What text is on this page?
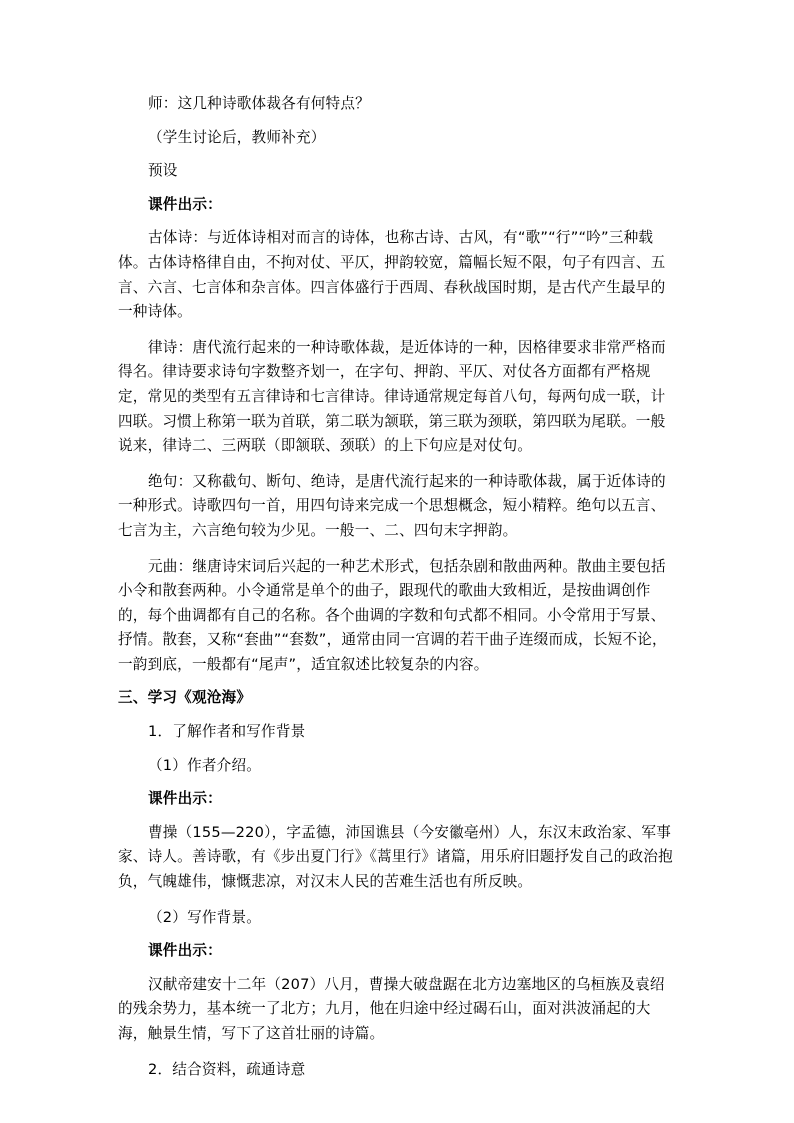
师：这几种诗歌体裁各有何特点？

（学生讨论后，教师补充）

预设

课件出示：

古体诗：与近体诗相对而言的诗体，也称古诗、古风，有“歌”“行”“吟”三种载体。古体诗格律自由，不拘对仗、平仄，押韵较宽，篇幅长短不限，句子有四言、五言、六言、七言体和杂言体。四言体盛行于西周、春秋战国时期，是古代产生最早的一种诗体。

律诗：唐代流行起来的一种诗歌体裁，是近体诗的一种，因格律要求非常严格而得名。律诗要求诗句字数整齐划一，在字句、押韵、平仄、对仗各方面都有严格规定，常见的类型有五言律诗和七言律诗。律诗通常规定每首八句，每两句成一联，计四联。习惯上称第一联为首联，第二联为颔联，第三联为颈联，第四联为尾联。一般说来，律诗二、三两联（即颔联、颈联）的上下句应是对仗句。

绝句：又称截句、断句、绝诗，是唐代流行起来的一种诗歌体裁，属于近体诗的一种形式。诗歌四句一首，用四句诗来完成一个思想概念，短小精粹。绝句以五言、七言为主，六言绝句较为少见。一般一、二、四句末字押韵。

元曲：继唐诗宋词后兴起的一种艺术形式，包括杂剧和散曲两种。散曲主要包括小令和散套两种。小令通常是单个的曲子，跟现代的歌曲大致相近，是按曲调创作的，每个曲调都有自己的名称。各个曲调的字数和句式都不相同。小令常用于写景、抒情。散套，又称“套曲”“套数”，通常由同一宫调的若干曲子连缀而成，长短不论，一韵到底，一般都有“尾声”，适宜叙述比较复杂的内容。

三、学习《观沧海》

1．了解作者和写作背景

（1）作者介绍。

课件出示：

曹操（155—220），字孟德，沛国谯县（今安徽亳州）人，东汉末政治家、军事家、诗人。善诗歌，有《步出夏门行》《蒿里行》诸篇，用乐府旧题抒发自己的政治抱负，气魄雄伟，慷慨悲凉，对汉末人民的苦难生活也有所反映。

（2）写作背景。

课件出示：

汉献帝建安十二年（207）八月，曹操大破盘踞在北方边塞地区的乌桓族及袁绍的残余势力，基本统一了北方；九月，他在归途中经过碣石山，面对洪波涌起的大海，触景生情，写下了这首壮丽的诗篇。

2．结合资料，疏通诗意
